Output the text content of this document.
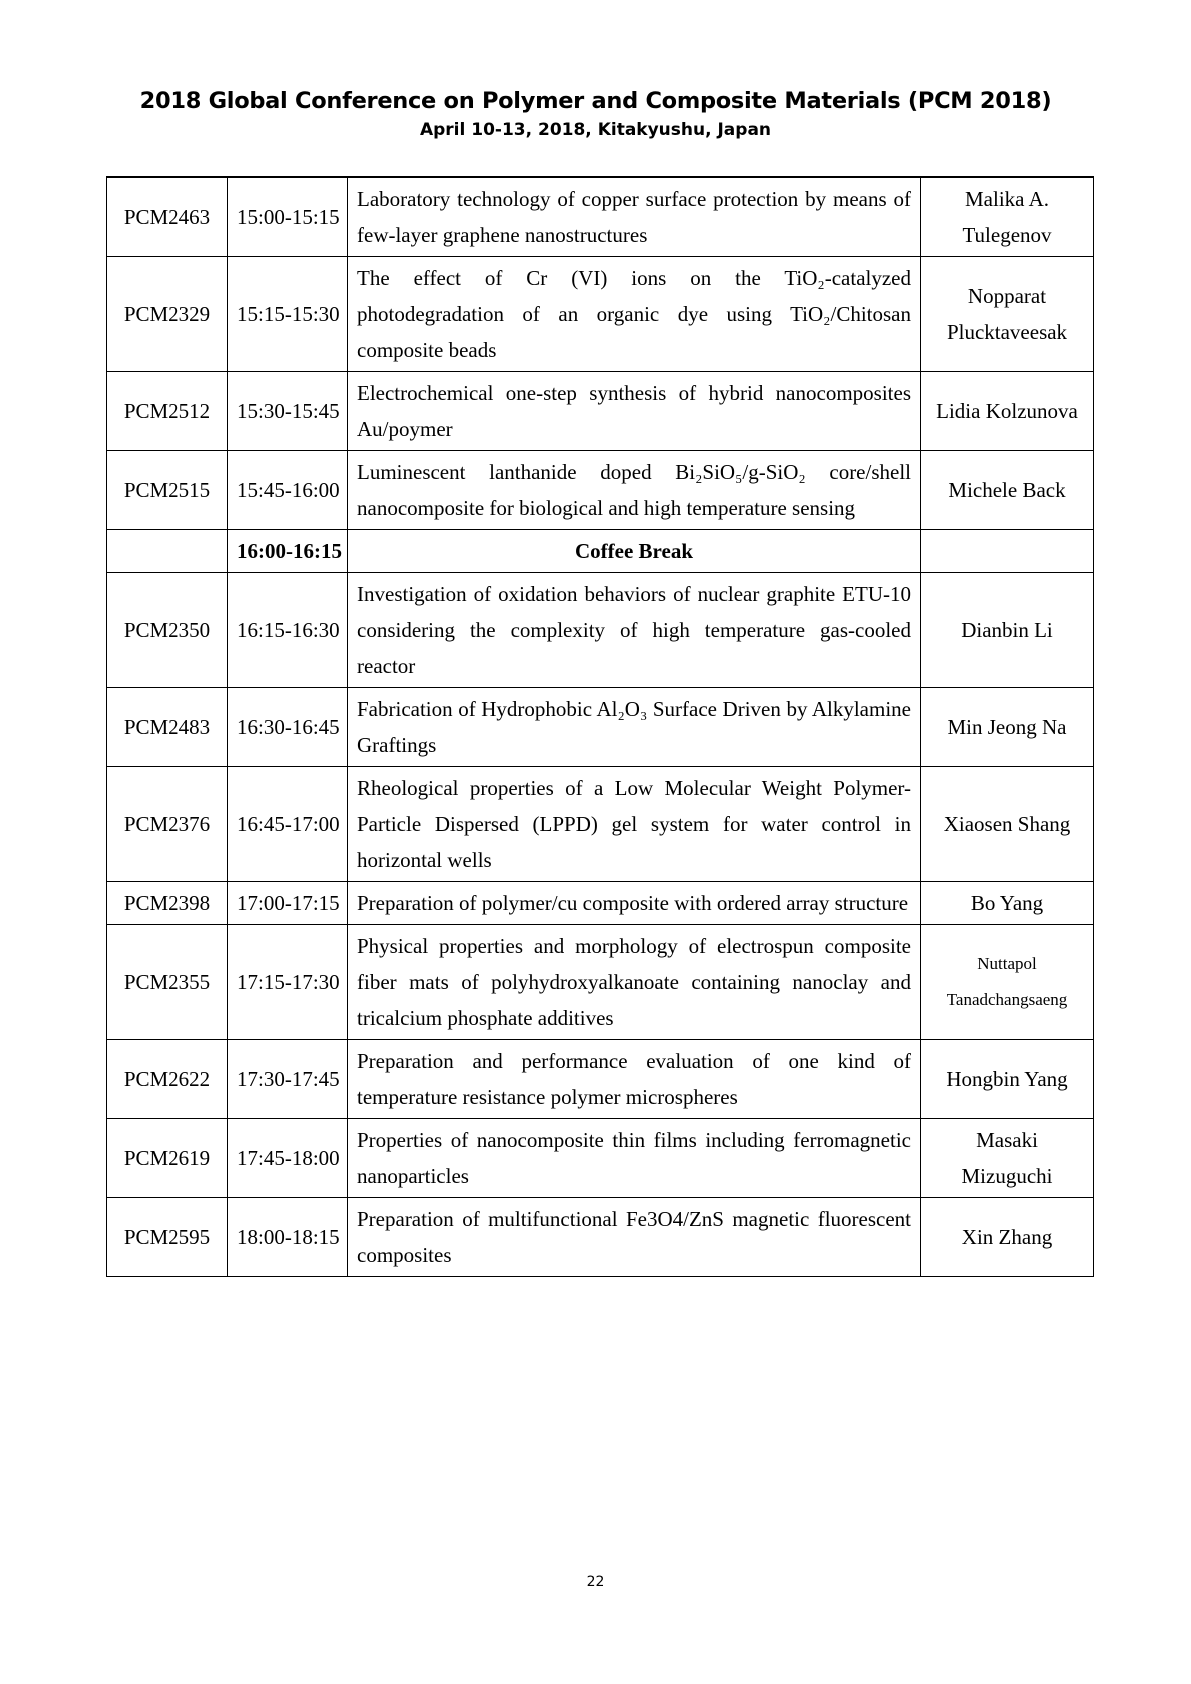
2018 Global Conference on Polymer and Composite Materials (PCM 2018)
April 10-13, 2018, Kitakyushu, Japan
PCM2463	15:00-15:15	Laboratory technology of copper surface protection by means of few-layer graphene nanostructures	Malika A. Tulegenov
PCM2329	15:15-15:30	The effect of Cr (VI) ions on the TiO₂-catalyzed photodegradation of an organic dye using TiO₂/Chitosan composite beads	Nopparat Plucktaveesak
PCM2512	15:30-15:45	Electrochemical one-step synthesis of hybrid nanocomposites Au/poymer	Lidia Kolzunova
PCM2515	15:45-16:00	Luminescent lanthanide doped Bi₂SiO₅/g-SiO₂ core/shell nanocomposite for biological and high temperature sensing	Michele Back
	16:00-16:15	Coffee Break	
PCM2350	16:15-16:30	Investigation of oxidation behaviors of nuclear graphite ETU-10 considering the complexity of high temperature gas-cooled reactor	Dianbin Li
PCM2483	16:30-16:45	Fabrication of Hydrophobic Al₂O₃ Surface Driven by Alkylamine Graftings	Min Jeong Na
PCM2376	16:45-17:00	Rheological properties of a Low Molecular Weight Polymer-Particle Dispersed (LPPD) gel system for water control in horizontal wells	Xiaosen Shang
PCM2398	17:00-17:15	Preparation of polymer/cu composite with ordered array structure	Bo Yang
PCM2355	17:15-17:30	Physical properties and morphology of electrospun composite fiber mats of polyhydroxyalkanoate containing nanoclay and tricalcium phosphate additives	Nuttapol Tanadchangsaeng
PCM2622	17:30-17:45	Preparation and performance evaluation of one kind of temperature resistance polymer microspheres	Hongbin Yang
PCM2619	17:45-18:00	Properties of nanocomposite thin films including ferromagnetic nanoparticles	Masaki Mizuguchi
PCM2595	18:00-18:15	Preparation of multifunctional Fe3O4/ZnS magnetic fluorescent composites	Xin Zhang
22
